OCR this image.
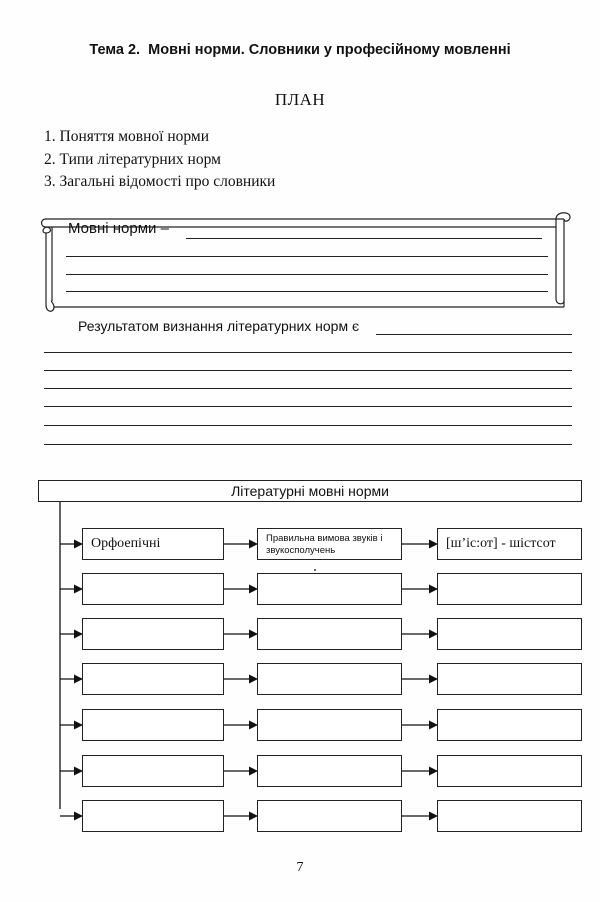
Тема 2. Мовні норми. Словники у професійному мовленні
ПЛАН
1. Поняття мовної норми
2. Типи літературних норм
3. Загальні відомості про словники
Мовні норми –
Результатом визнання літературних норм є
Літературні мовні норми
Орфоепічні	Правильна вимова звуків і звукосполучень	[ш’іс:от] - шістсот
7
